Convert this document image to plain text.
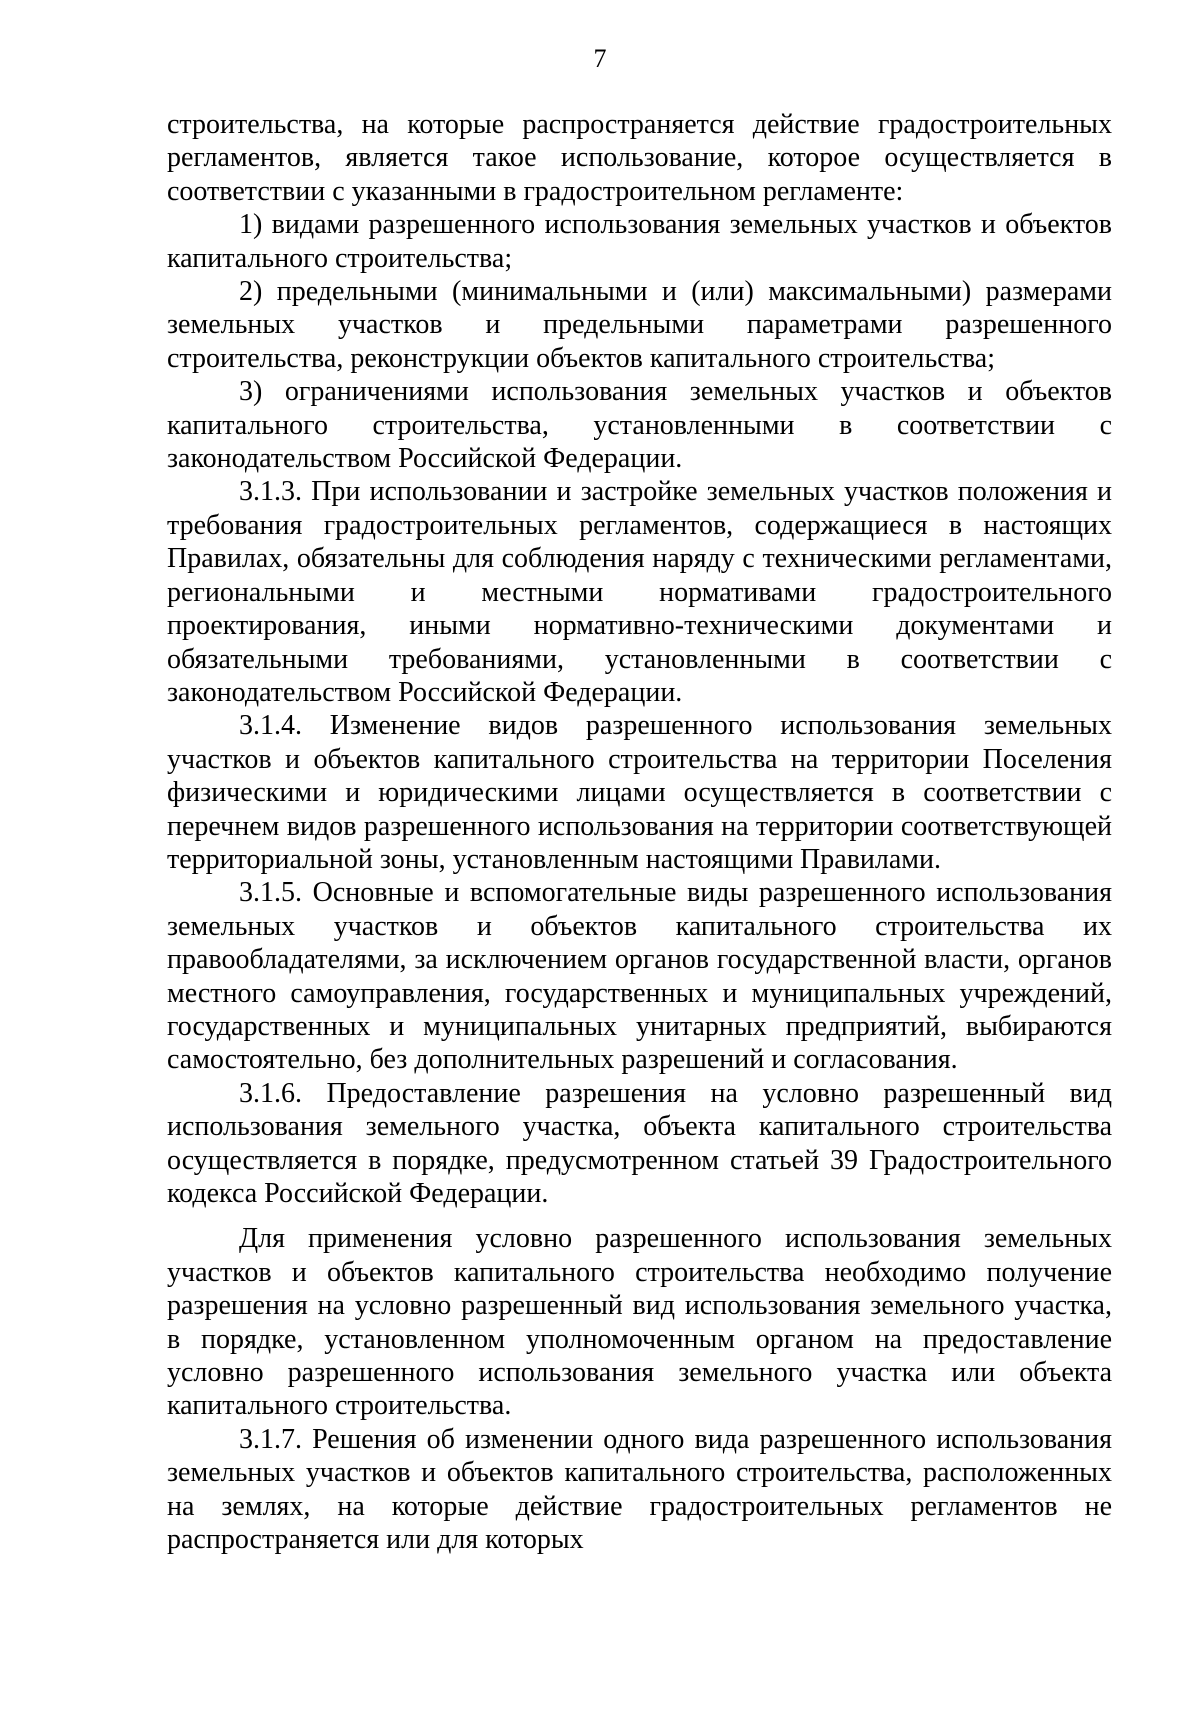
7

строительства, на которые распространяется действие градостроительных регламентов, является такое использование, которое осуществляется в соответствии с указанными в градостроительном регламенте:

1) видами разрешенного использования земельных участков и объектов капитального строительства;

2) предельными (минимальными и (или) максимальными) размерами земельных участков и предельными параметрами разрешенного строительства, реконструкции объектов капитального строительства;

3) ограничениями использования земельных участков и объектов капитального строительства, установленными в соответствии с законодательством Российской Федерации.

3.1.3. При использовании и застройке земельных участков положения и требования градостроительных регламентов, содержащиеся в настоящих Правилах, обязательны для соблюдения наряду с техническими регламентами, региональными и местными нормативами градостроительного проектирования, иными нормативно-техническими документами и обязательными требованиями, установленными в соответствии с законодательством Российской Федерации.

3.1.4. Изменение видов разрешенного использования земельных участков и объектов капитального строительства на территории Поселения физическими и юридическими лицами осуществляется в соответствии с перечнем видов разрешенного использования на территории соответствующей территориальной зоны, установленным настоящими Правилами.

3.1.5. Основные и вспомогательные виды разрешенного использования земельных участков и объектов капитального строительства их правообладателями, за исключением органов государственной власти, органов местного самоуправления, государственных и муниципальных учреждений, государственных и муниципальных унитарных предприятий, выбираются самостоятельно, без дополнительных разрешений и согласования.

3.1.6. Предоставление разрешения на условно разрешенный вид использования земельного участка, объекта капитального строительства осуществляется в порядке, предусмотренном статьей 39 Градостроительного кодекса Российской Федерации.

Для применения условно разрешенного использования земельных участков и объектов капитального строительства необходимо получение разрешения на условно разрешенный вид использования земельного участка, в порядке, установленном уполномоченным органом на предоставление условно разрешенного использования земельного участка или объекта капитального строительства.

3.1.7. Решения об изменении одного вида разрешенного использования земельных участков и объектов капитального строительства, расположенных на землях, на которые действие градостроительных регламентов не распространяется или для которых
